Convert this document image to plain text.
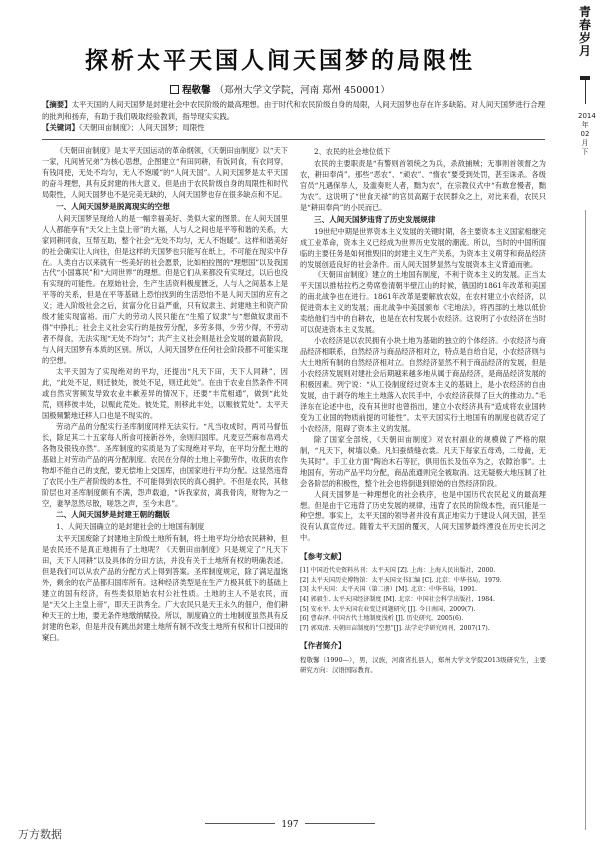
青
春
岁
月
2014
年
02
月
下
探析太平天国人间天国梦的局限性
程敬馨 （郑州大学文学院，河南 郑州 450001）

【摘要】太平天国的人间天国梦是封建社会中农民阶级的最高理想。由于时代和农民阶级自身的局限，人间天国梦也存在许多缺陷。对人间天国梦进行合理的批判和扬弃，有助于我们吸取经验教训，指导现实实践。

【关键词】《天朝田亩制度》；人间天国梦；局限性

《天朝田亩制度》是太平天国运动的革命纲领，《天朝田亩制度》以“天下一家，凡间皆兄弟”为核心思想，企图建立“有田同耕，有饭同食，有衣同穿，有钱同使，无处不均匀，无人不饱暖”的“人间天国”。人间天国梦是太平天国的奋斗理想，具有反封建的伟大意义。但是由于农民阶级自身的局限性和时代局限性，人间天国梦也不是完美无缺的，人间天国梦也存在很多缺点和不足。

一、人间天国梦是脱离现实的空想

人间天国梦呈现给人的是一幅幸福美好、类似大家的图景。在人间天国里人人都能享有“天父上主皇上帝”的大福，人与人之间也是平等和谐的关系，大家同耕同食，互帮互助，整个社会“无处不均匀，无人不饱暖”。这样和谐美好的社会确实让人向往，但是这样的天国梦也只能写在纸上，不可能在现实中存在。人类自古以来就有一些美好的社会愿景，比如柏拉图的“理想国”以及我国古代“小国寡民”和“大同世界”的理想。但是它们从来都没有实现过，以后也没有实现的可能性。在原始社会，生产生活资料极度匮乏，人与人之间基本上是平等的关系，但是在平等基础上恐怕找到的生活恐怕不是人间天国的应有之义；进入阶级社会之后，贫富分化日益严重，只有奴隶主、封建地主和资产阶级才能实现富裕。而广大的劳动人民只能在“生殖了奴隶”与“想做奴隶而不得”中挣扎；社会主义社会实行的是按劳分配，多劳多得，少劳少得，不劳动者不得食，无法实现“无处不均匀”；共产主义社会则是社会发展的最高阶段，与人间天国梦有本质的区别。所以，人间天国梦在任何社会阶段都不可能实现的空想。

太平天国为了实现绝对的平均，还提出“凡天下田，天下人同耕”，因此，“此处不足，则迁彼处，彼处不足，则迁此处”。在由于农业自然条件不同或自然灾害频发导致农业丰歉差异的情况下，还要“丰荒相通”，做到“此处荒，则移彼丰处，以赈此荒处。彼处荒，则移此丰处，以赈彼荒处”。太平天国极频繁地迁移人口也是不现实的。

劳动产品的分配实行圣库制度同样无法实行。“凡当收成时，两司马督伍长，除足其二十五家每人所食可接新谷外，余则归国库。凡麦豆苎麻布帛鸡犬各物及银钱亦然”。圣库制度的实质是为了实现绝对平均，在平均分配土地的基础上对劳动产品的再分配制度。农民在分得的土地上辛勤劳作，收获的农作物却不能自己的支配，要无偿地上交国库，由国家进行平均分配。这显然违背了农民小生产者阶级的本性，不可能得到农民的真心拥护。不但是农民，其他阶层也对圣库制度颇有不满，怨声载道，“诉我家贫，离我骨肉，财物为之一空，妻孥忽然尽散，嗟怨之声，至今未息”。

二、人间天国梦是封建王朝的翻版
1、人间天国确立的是封建社会的土地国有制度

太平天国废除了封建地主阶级土地所有制，将土地平均分给农民耕种，但是农民还不是真正地拥有了土地呢？《天朝田亩制度》只是规定了“凡天下田，天下人同耕”以及具体的分田方法，并没有关于土地所有权的明确表述。但是我们可以从农产品的分配方式上得到答案。圣库制度规定，除了满足温饱外，剩余的农产品都归国库所有。这种经济类型是在生产力极其低下的基础上建立的国有经济，有些类似原始农村公社性质。土地的主人不是农民，而是“天父上主皇上帝”，即天王洪秀全。广大农民只是天王永久的佃户，他们耕种天王的土地，要无条件地缴纳赋役。所以，制度确立的土地制度虽然具有反封建的色彩，但是并没有跳出封建土地所有制不改变土地所有权和计口授田的窠臼。

2、农民的社会地位低下

农民的主要职责是“有警则首领统之为兵，杀敌捕贼；无事则首领督之为农，耕田奉尚”。那些“恶农”、“顽农”、“惰农”要受到处罚，甚至诛杀。各级官员“凡遇保举人，及滥奏贬人者，黜为农”，在宗教仪式中“有敢怠慢者，黜为农”。这说明了“世食天禄”的官员高踞于农民群众之上，对比来看，农民只是“耕田奉尚”的小民而已。

三、人间天国梦违背了历史发展规律

19世纪中期是世界资本主义发展的关键时期，各主要资本主义国家相继完成工业革命，资本主义已经成为世界历史发展的潮流。所以，当时的中国所面临的主要任务是如何推毁旧的封建主义生产关系，为资本主义萌芽和商品经济的发展创造良好的社会条件。而人间天国梦显然与发展资本主义背道而驰。

《天朝田亩制度》建立的土地国有制度，不利于资本主义的发展。正当太平天国以推枯拉朽之势席卷清朝半壁江山的时候，俄国的1861年改革和美国的南北战争也在进行。1861年改革是要解放农奴，在农村建立小农经济，以促进资本主义的发展；南北战争中美国颁布《宅地法》，将西部的土地以低价卖给他们当中的自耕农，也是在农村发展小农经济。这说明了小农经济在当时可以促进资本主义发展。

小农经济是以农民拥有小块土地为基础的独立的个体经济。小农经济与商品经济相联系，自然经济与商品经济相对立，特点是自给自足，小农经济则与大土地所有制的自然经济相对立。自然经济显然不利于商品经济的发展，但是小农经济发展则对建社会后期越来越多地从属于商品经济，是商品经济发展的积极因素。列宁说：“从工役制度经过资本主义的基础上，是小农经济的自由发展，由于剥夺的地主土地落入农民手中，小农经济获得了巨大的推动力。”毛泽东在论述中也，没有其世时也曾指出，建立小农经济具有“造成将农业国转变为工业国的物质前提的可能性”。太平天国实行土地国有的制度也就否定了小农经济，阻碍了资本主义的发展。

除了国家全部统，《天朝田亩制度》对农村副业的规模做了严格的限制，“凡天下，树墙以桑。凡妇蚕绩缝衣裳。凡天下每家五母鸡，二母彘，无失其时”。手工业方面“陶冶木石等匠，俱用伍长及伍卒为之，农隙治事”。土地国有，劳动产品平均分配，商品流通则完全被取消。这无疑极大地压制了社会各阶层的积极性，整个社会也将倒退到原始的自然经济阶段。

人间天国梦是一种理想化的社会秩序，也是中国历代农民起义的最高理想。但是由于它违背了历史发展的规律，违背了农民的阶级本性，而只能是一种空想。事实上，太平天国的领导者并没有真正地实力于建设人间天国，甚至没有认真宣传过。随着太平天国的覆灭，人间天国梦最终湮没在历史长河之中。

【参考文献】
[1] 中国近代史资料丛刊：太平天国 [Z]. 上海：上海人民出版社，2000.
[2] 太平天国历史博物馆：太平天国文书汇编 [C]. 北京：中华书局，1979.
[3] 太平天国：太平天国（第二册）[M]. 北京：中华书局，1991.
[4] 郭毅生. 太平天国经济制度 [M]. 北京：中国社会科学出版社，1984.
[5] 安永平. 太平天国农业变迁问题研究 [J]. 今日南国，2009(7).
[6] 曹春泽. 中国古代土地制度浅析 [J]. 历史研究，2005(6).
[7] 郭双清. 天朝田亩制度的“空想”[J]. 法学史学研究周刊，2007(17).
【作者简介】
程敬馨（1990—），男，汉族，河南省扎县人，郑州大学文学院2013级研究生，主要研究方向：汉语国际教育。
万方数据
197
